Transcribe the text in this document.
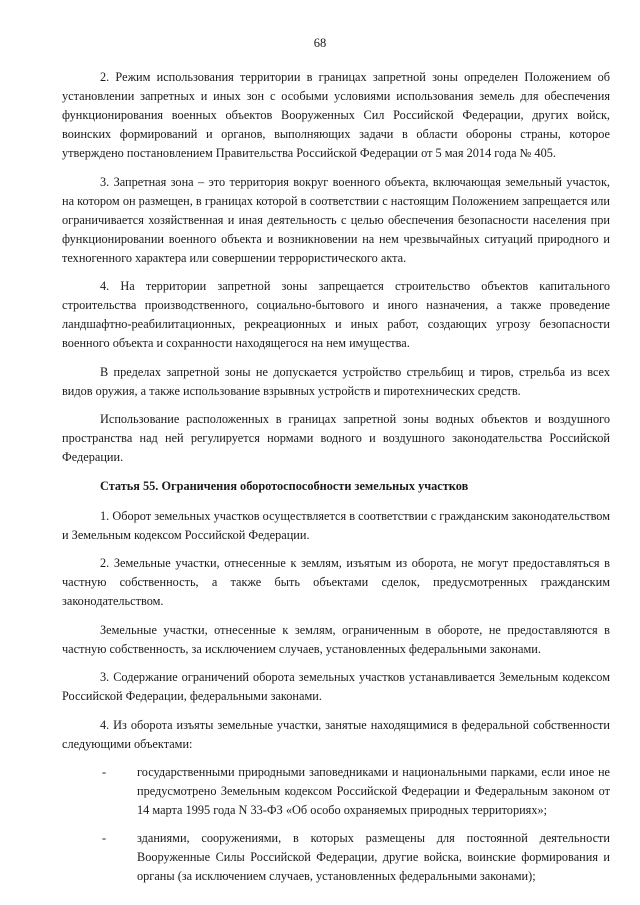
68

2. Режим использования территории в границах запретной зоны определен Положением об установлении запретных и иных зон с особыми условиями использования земель для обеспечения функционирования военных объектов Вооруженных Сил Российской Федерации, других войск, воинских формирований и органов, выполняющих задачи в области обороны страны, которое утверждено постановлением Правительства Российской Федерации от 5 мая 2014 года № 405.

3. Запретная зона – это территория вокруг военного объекта, включающая земельный участок, на котором он размещен, в границах которой в соответствии с настоящим Положением запрещается или ограничивается хозяйственная и иная деятельность с целью обеспечения безопасности населения при функционировании военного объекта и возникновении на нем чрезвычайных ситуаций природного и техногенного характера или совершении террористического акта.

4. На территории запретной зоны запрещается строительство объектов капитального строительства производственного, социально-бытового и иного назначения, а также проведение ландшафтно-реабилитационных, рекреационных и иных работ, создающих угрозу безопасности военного объекта и сохранности находящегося на нем имущества.

В пределах запретной зоны не допускается устройство стрельбищ и тиров, стрельба из всех видов оружия, а также использование взрывных устройств и пиротехнических средств.

Использование расположенных в границах запретной зоны водных объектов и воздушного пространства над ней регулируется нормами водного и воздушного законодательства Российской Федерации.

Статья 55. Ограничения оборотоспособности земельных участков

1. Оборот земельных участков осуществляется в соответствии с гражданским законодательством и Земельным кодексом Российской Федерации.

2. Земельные участки, отнесенные к землям, изъятым из оборота, не могут предоставляться в частную собственность, а также быть объектами сделок, предусмотренных гражданским законодательством.

Земельные участки, отнесенные к землям, ограниченным в обороте, не предоставляются в частную собственность, за исключением случаев, установленных федеральными законами.

3. Содержание ограничений оборота земельных участков устанавливается Земельным кодексом Российской Федерации, федеральными законами.

4. Из оборота изъяты земельные участки, занятые находящимися в федеральной собственности следующими объектами:

-	государственными природными заповедниками и национальными парками, если иное не предусмотрено Земельным кодексом Российской Федерации и Федеральным законом от 14 марта 1995 года N 33-ФЗ «Об особо охраняемых природных территориях»;
-	зданиями, сооружениями, в которых размещены для постоянной деятельности Вооруженные Силы Российской Федерации, другие войска, воинские формирования и органы (за исключением случаев, установленных федеральными законами);
